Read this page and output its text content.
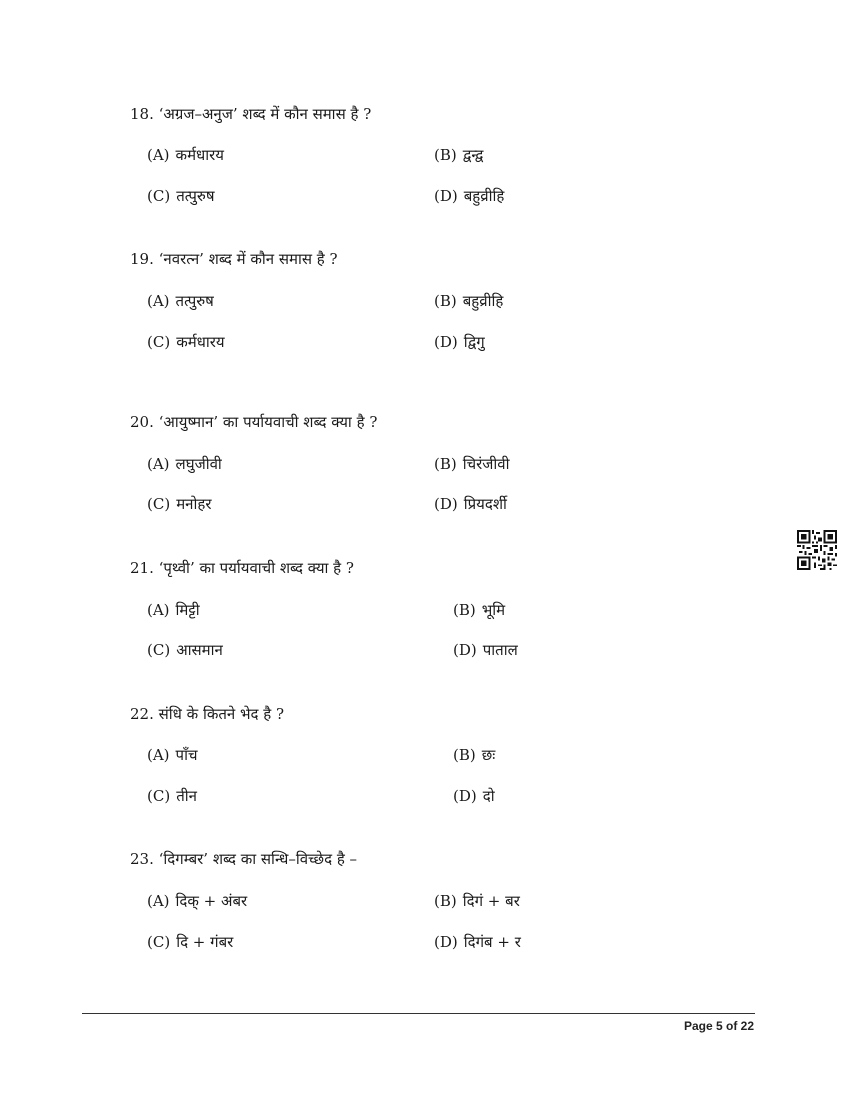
18. ‘अग्रज–अनुज’ शब्द में कौन समास है ?
(A) कर्मधारय	(B) द्वन्द्व
(C) तत्पुरुष	(D) बहुव्रीहि
19. ‘नवरत्न’ शब्द में कौन समास है ?
(A) तत्पुरुष	(B) बहुव्रीहि
(C) कर्मधारय	(D) द्विगु
20. ‘आयुष्मान’ का पर्यायवाची शब्द क्या है ?
(A) लघुजीवी	(B) चिरंजीवी
(C) मनोहर	(D) प्रियदर्शी
21. ‘पृथ्वी’ का पर्यायवाची शब्द क्या है ?
(A) मिट्टी	(B) भूमि
(C) आसमान	(D) पाताल
22. संधि के कितने भेद है ?
(A) पाँच	(B) छः
(C) तीन	(D) दो
23. ‘दिगम्बर’ शब्द का सन्धि–विच्छेद है –
(A) दिक् + अंबर	(B) दिगं + बर
(C) दि + गंबर	(D) दिगंब + र
Page 5 of 22
